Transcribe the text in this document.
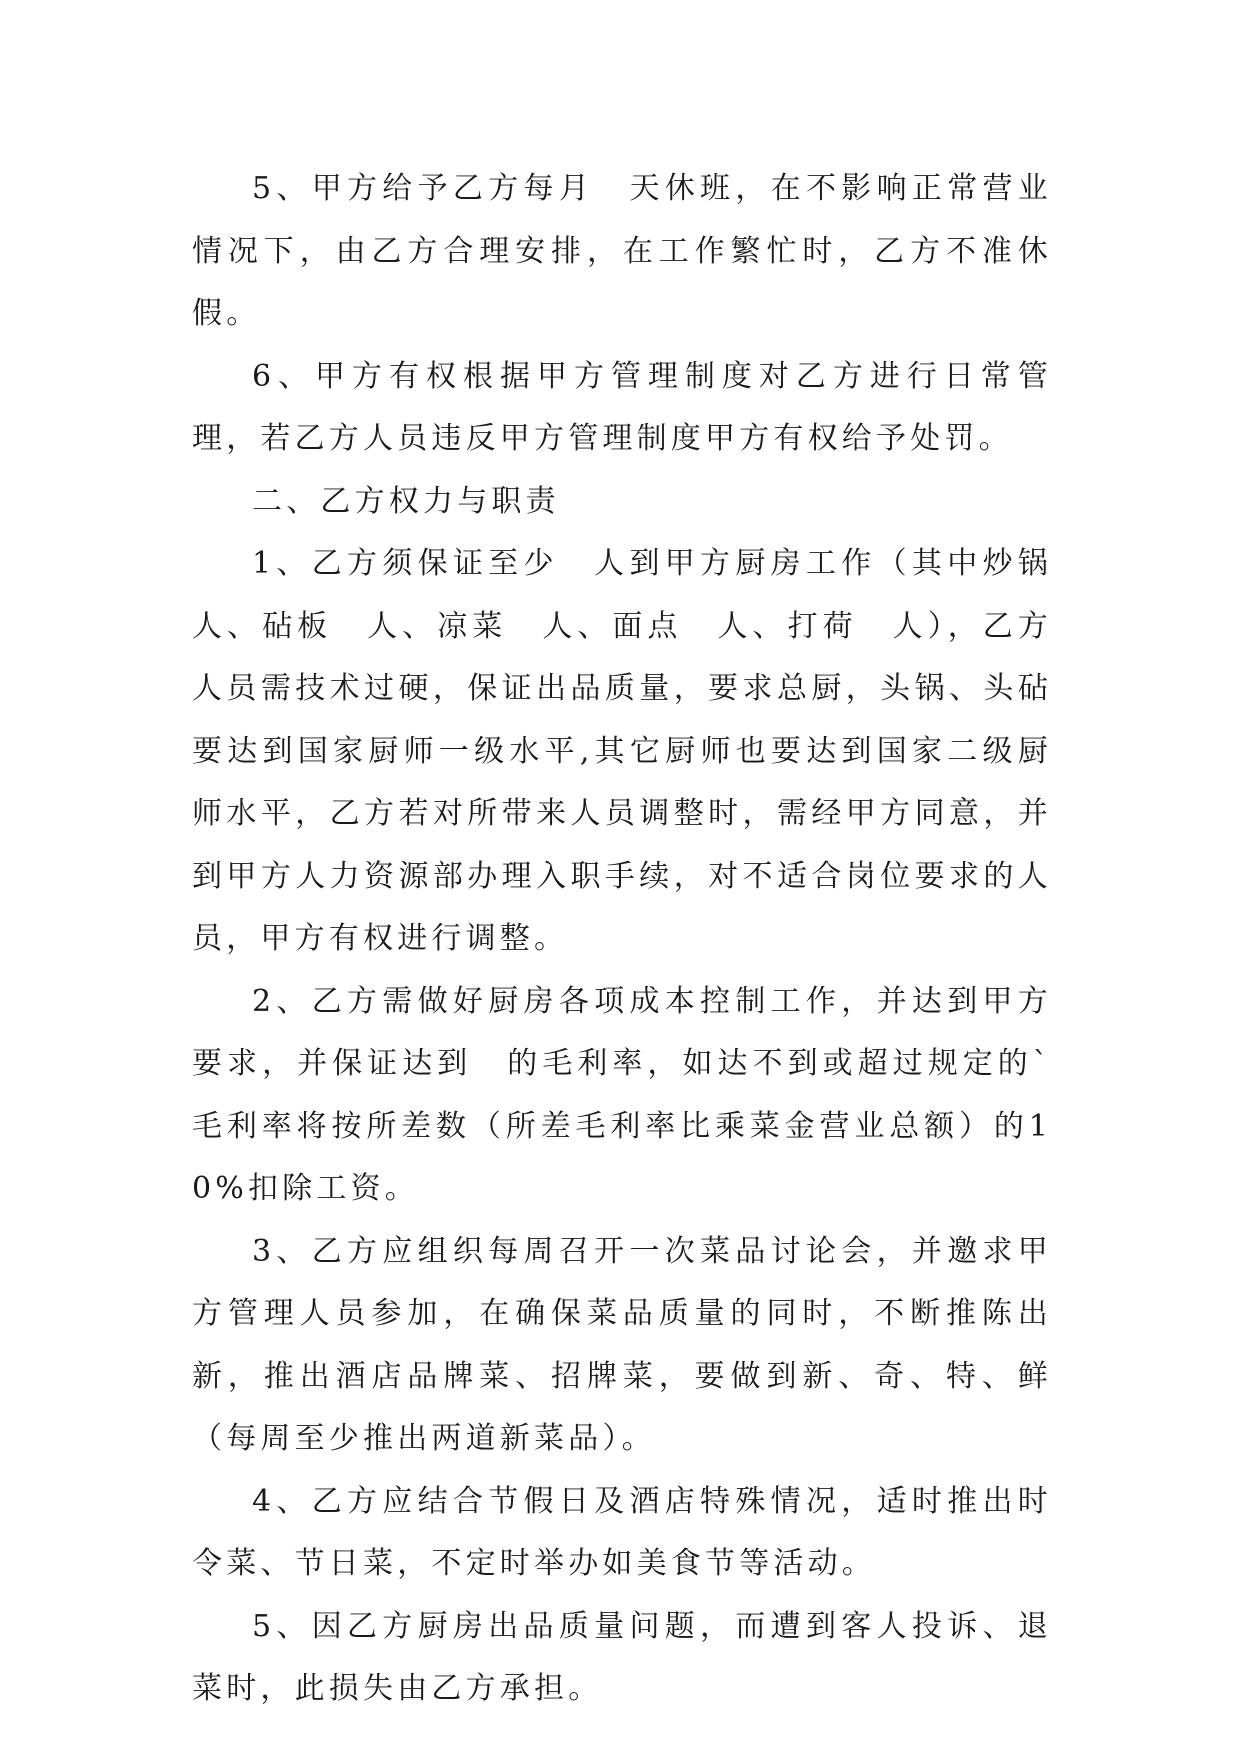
5、甲方给予乙方每月　天休班，在不影响正常营业情况下，由乙方合理安排，在工作繁忙时，乙方不准休假。

6、甲方有权根据甲方管理制度对乙方进行日常管理，若乙方人员违反甲方管理制度甲方有权给予处罚。

二、乙方权力与职责

1、乙方须保证至少　人到甲方厨房工作（其中炒锅　人、砧板　人、凉菜　人、面点　人、打荷　人），乙方人员需技术过硬，保证出品质量，要求总厨，头锅、头砧要达到国家厨师一级水平,其它厨师也要达到国家二级厨师水平，乙方若对所带来人员调整时，需经甲方同意，并到甲方人力资源部办理入职手续，对不适合岗位要求的人员，甲方有权进行调整。

2、乙方需做好厨房各项成本控制工作，并达到甲方要求，并保证达到　的毛利率，如达不到或超过规定的`毛利率将按所差数（所差毛利率比乘菜金营业总额）的10%扣除工资。

3、乙方应组织每周召开一次菜品讨论会，并邀求甲方管理人员参加，在确保菜品质量的同时，不断推陈出新，推出酒店品牌菜、招牌菜，要做到新、奇、特、鲜（每周至少推出两道新菜品）。

4、乙方应结合节假日及酒店特殊情况，适时推出时令菜、节日菜，不定时举办如美食节等活动。

5、因乙方厨房出品质量问题，而遭到客人投诉、退菜时，此损失由乙方承担。
